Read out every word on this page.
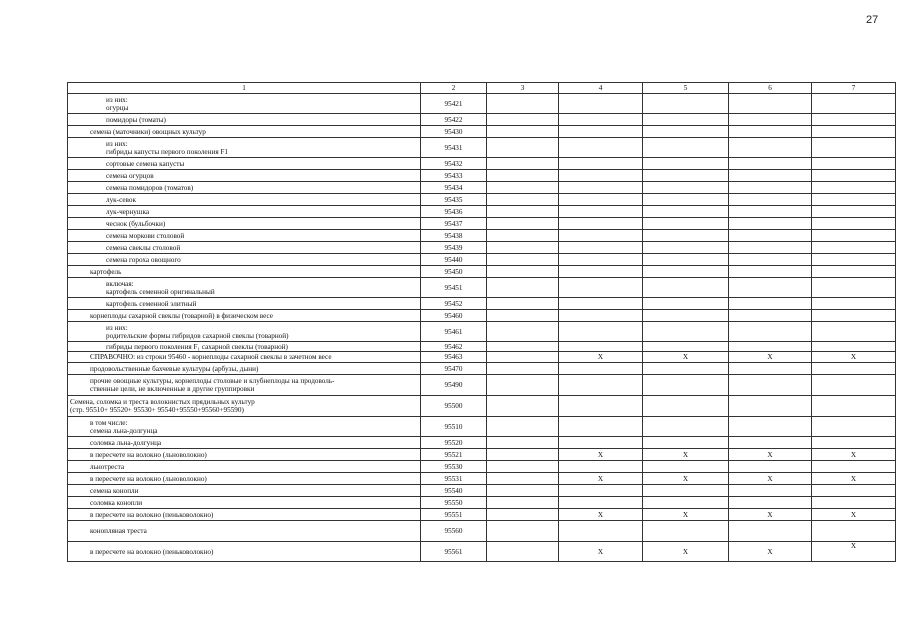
27
1	2	3	4	5	6	7

из них:
огурцы	95421					

помидоры (томаты)	95422					

семена (маточники) овощных культур	95430					

из них:
гибриды капусты первого поколения F1	95431					

сортовые семена капусты	95432					

семена огурцов	95433					

семена помидоров (томатов)	95434					

лук-севок	95435					

лук-чернушка	95436					

чеснок (бульбочки)	95437					

семена моркови столовой	95438					

семена свеклы столовой	95439					

семена гороха овощного	95440					

картофель	95450					

включая:
картофель семенной оригинальный	95451					

картофель семенной элитный	95452					

корнеплоды сахарной свеклы (товарной) в физическом весе	95460					

из них:
родительские формы гибридов сахарной свеклы (товарной)	95461					

гибриды первого поколения F₁ сахарной свеклы (товарной)	95462					

СПРАВОЧНО: из строки 95460 - корнеплоды сахарной свеклы в зачетном весе	95463		X	X	X	X

продовольственные бахчевые культуры (арбузы, дыни)	95470					

прочие овощные культуры, корнеплоды столовые и клубнеплоды на продоволь-
ственные цели, не включенные в другие группировки	95490					

Семена, соломка и треста волокнистых прядильных культур
(стр. 95510+ 95520+ 95530+ 95540+95550+95560+95590)	95500					

в том числе:
семена льна-долгунца	95510					

соломка льна-долгунца	95520					

в пересчете на волокно (льноволокно)	95521		X	X	X	X

льнотреста	95530					

в пересчете на волокно (льноволокно)	95531		X	X	X	X

семена конопли	95540					

соломка конопли	95550					

в пересчете на волокно (пеньковолокно)	95551		X	X	X	X

конопляная треста	95560					

в пересчете на волокно (пеньковолокно)	95561		X	X	X	X
